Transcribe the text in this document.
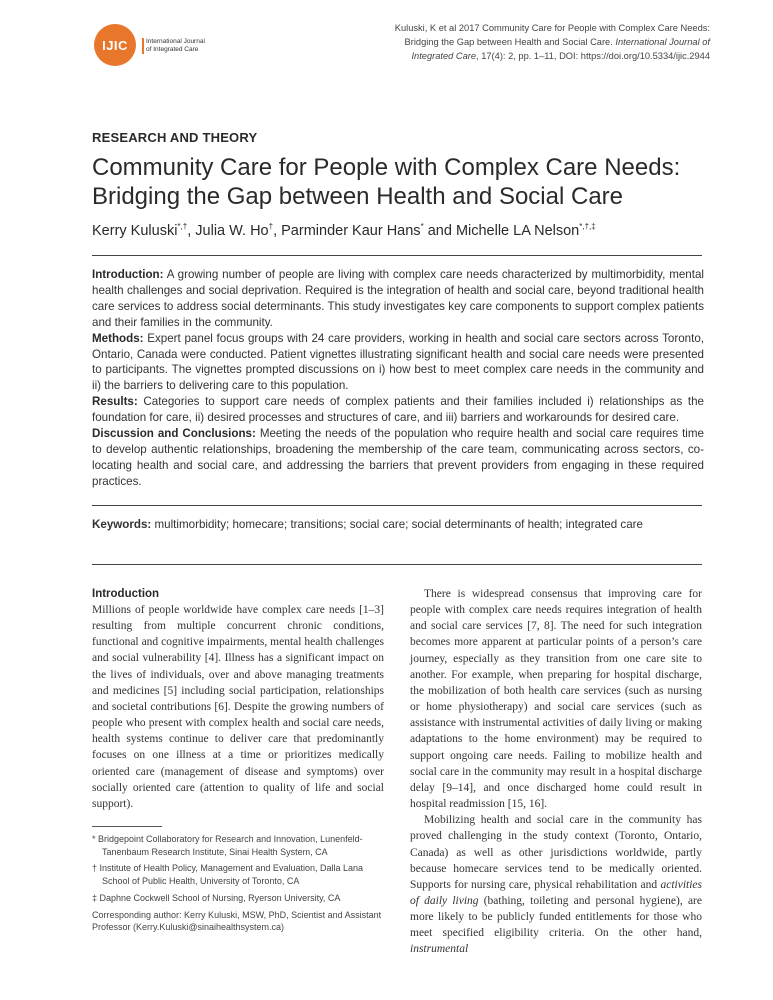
IJIC	International Journal
of Integrated Care
Kuluski, K et al 2017 Community Care for People with Complex Care Needs:
Bridging the Gap between Health and Social Care. International Journal of
Integrated Care, 17(4): 2, pp. 1–11, DOI: https://doi.org/10.5334/ijic.2944
RESEARCH AND THEORY
Community Care for People with Complex Care Needs:
Bridging the Gap between Health and Social Care
Kerry Kuluski*,†, Julia W. Ho†, Parminder Kaur Hans* and Michelle LA Nelson*,†,‡

Introduction: A growing number of people are living with complex care needs characterized by multimorbidity, mental health challenges and social deprivation. Required is the integration of health and social care, beyond traditional health care services to address social determinants. This study investigates key care components to support complex patients and their families in the community.

Methods: Expert panel focus groups with 24 care providers, working in health and social care sectors across Toronto, Ontario, Canada were conducted. Patient vignettes illustrating significant health and social care needs were presented to participants. The vignettes prompted discussions on i) how best to meet complex care needs in the community and ii) the barriers to delivering care to this population.

Results: Categories to support care needs of complex patients and their families included i) relationships as the foundation for care, ii) desired processes and structures of care, and iii) barriers and workarounds for desired care.

Discussion and Conclusions: Meeting the needs of the population who require health and social care requires time to develop authentic relationships, broadening the membership of the care team, communicating across sectors, co-locating health and social care, and addressing the barriers that prevent providers from engaging in these required practices.

Keywords: multimorbidity; homecare; transitions; social care; social determinants of health; integrated care
Introduction

Millions of people worldwide have complex care needs [1–3] resulting from multiple concurrent chronic conditions, functional and cognitive impairments, mental health challenges and social vulnerability [4]. Illness has a significant impact on the lives of individuals, over and above managing treatments and medicines [5] including social participation, relationships and societal contributions [6]. Despite the growing numbers of people who present with complex health and social care needs, health systems continue to deliver care that predominantly focuses on one illness at a time or prioritizes medically oriented care (management of disease and symptoms) over socially oriented care (attention to quality of life and social support).

* Bridgepoint Collaboratory for Research and Innovation, Lunenfeld-Tanenbaum Research Institute, Sinai Health System, CA
† Institute of Health Policy, Management and Evaluation, Dalla Lana School of Public Health, University of Toronto, CA
‡ Daphne Cockwell School of Nursing, Ryerson University, CA
Corresponding author: Kerry Kuluski, MSW, PhD, Scientist and Assistant Professor (Kerry.Kuluski@sinaihealthsystem.ca)

There is widespread consensus that improving care for people with complex care needs requires integration of health and social care services [7, 8]. The need for such integration becomes more apparent at particular points of a person’s care journey, especially as they transition from one care site to another. For example, when preparing for hospital discharge, the mobilization of both health care services (such as nursing or home physiotherapy) and social care services (such as assistance with instrumental activities of daily living or making adaptations to the home environment) may be required to support ongoing care needs. Failing to mobilize health and social care in the community may result in a hospital discharge delay [9–14], and once discharged home could result in hospital readmission [15, 16].

Mobilizing health and social care in the community has proved challenging in the study context (Toronto, Ontario, Canada) as well as other jurisdictions worldwide, partly because homecare services tend to be medically oriented. Supports for nursing care, physical rehabilitation and activities of daily living (bathing, toileting and personal hygiene), are more likely to be publicly funded entitlements for those who meet specified eligibility criteria. On the other hand, instrumental
